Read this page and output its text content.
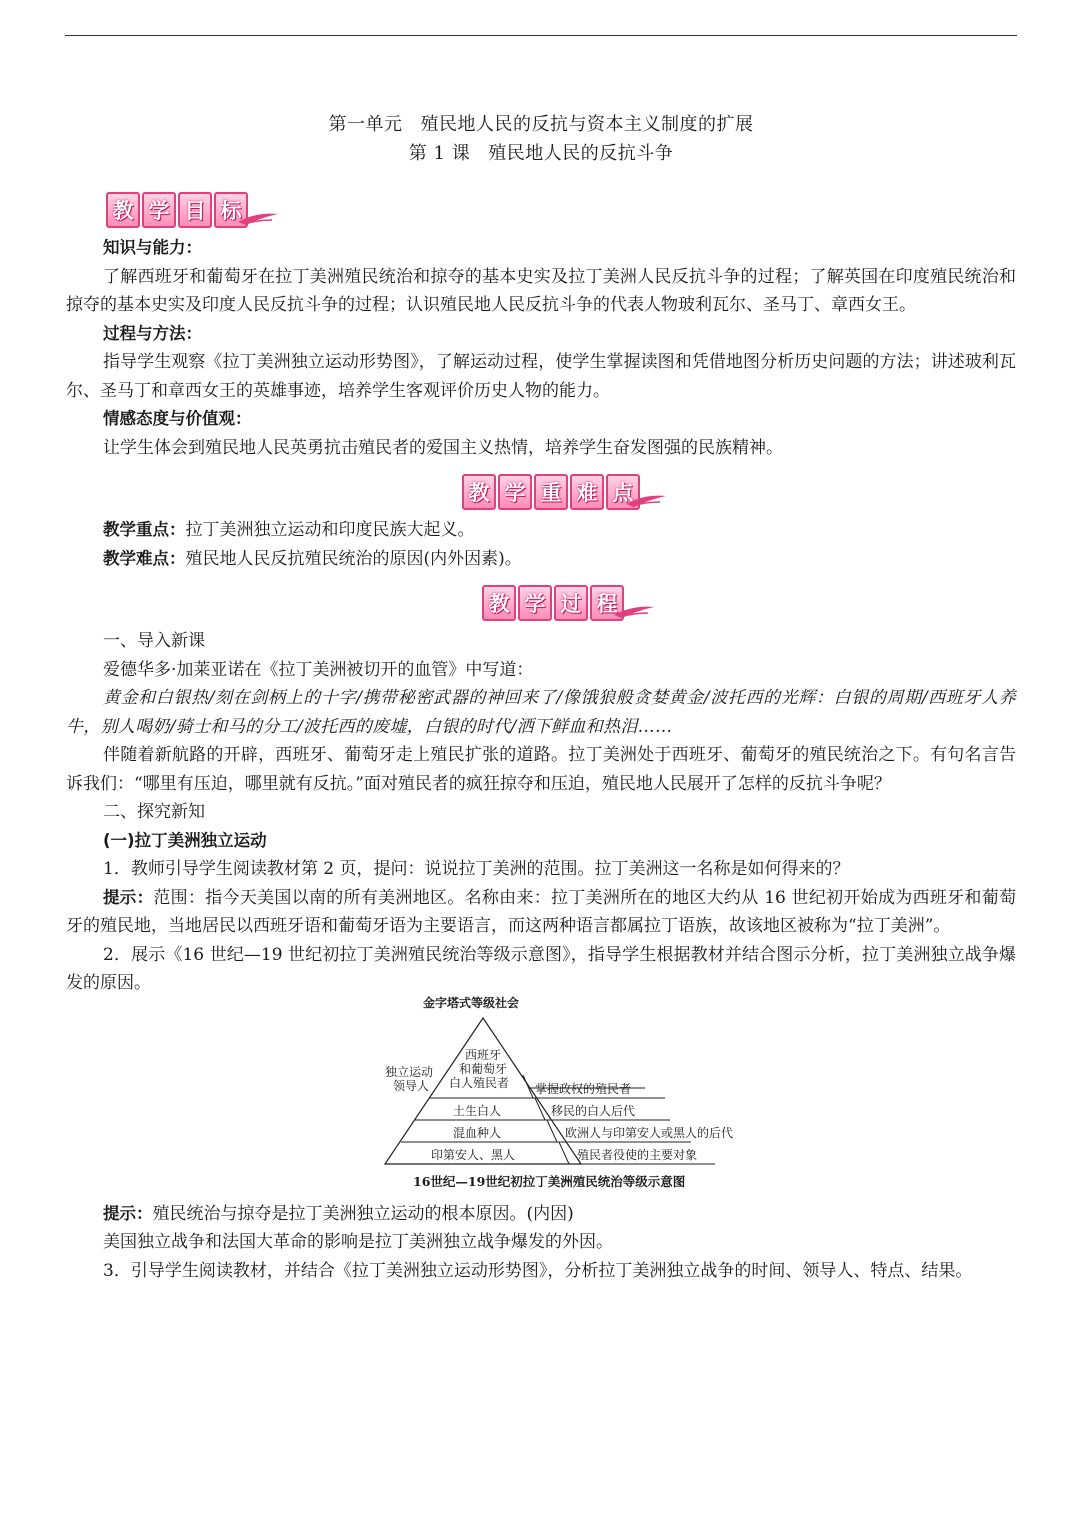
第一单元 殖民地人民的反抗与资本主义制度的扩展
第 1 课 殖民地人民的反抗斗争
教 学 目 标

知识与能力：

了解西班牙和葡萄牙在拉丁美洲殖民统治和掠夺的基本史实及拉丁美洲人民反抗斗争的过程；了解英国在印度殖民统治和掠夺的基本史实及印度人民反抗斗争的过程；认识殖民地人民反抗斗争的代表人物玻利瓦尔、圣马丁、章西女王。

过程与方法：

指导学生观察《拉丁美洲独立运动形势图》，了解运动过程，使学生掌握读图和凭借地图分析历史问题的方法；讲述玻利瓦尔、圣马丁和章西女王的英雄事迹，培养学生客观评价历史人物的能力。

情感态度与价值观：

让学生体会到殖民地人民英勇抗击殖民者的爱国主义热情，培养学生奋发图强的民族精神。

教 学 重 难 点

教学重点：拉丁美洲独立运动和印度民族大起义。

教学难点：殖民地人民反抗殖民统治的原因(内外因素)。

教 学 过 程

一、导入新课

爱德华多·加莱亚诺在《拉丁美洲被切开的血管》中写道：

黄金和白银热/刻在剑柄上的十字/携带秘密武器的神回来了/像饿狼般贪婪黄金/波托西的光辉：白银的周期/西班牙人养牛，别人喝奶/骑士和马的分工/波托西的废墟，白银的时代/洒下鲜血和热泪……

伴随着新航路的开辟，西班牙、葡萄牙走上殖民扩张的道路。拉丁美洲处于西班牙、葡萄牙的殖民统治之下。有句名言告诉我们：“哪里有压迫，哪里就有反抗。”面对殖民者的疯狂掠夺和压迫，殖民地人民展开了怎样的反抗斗争呢？

二、探究新知

(一)拉丁美洲独立运动

1．教师引导学生阅读教材第 2 页，提问：说说拉丁美洲的范围。拉丁美洲这一名称是如何得来的？

提示：范围：指今天美国以南的所有美洲地区。名称由来：拉丁美洲所在的地区大约从 16 世纪初开始成为西班牙和葡萄牙的殖民地，当地居民以西班牙语和葡萄牙语为主要语言，而这两种语言都属拉丁语族，故该地区被称为“拉丁美洲”。

2．展示《16 世纪—19 世纪初拉丁美洲殖民统治等级示意图》，指导学生根据教材并结合图示分析，拉丁美洲独立战争爆发的原因。

金字塔式等级社会
西班牙
和葡萄牙
白人殖民者
独立运动
领导人
土生白人
混血种人
印第安人、黑人
掌握政权的殖民者
移民的白人后代
欧洲人与印第安人或黑人的后代
殖民者役使的主要对象
16世纪—19世纪初拉丁美洲殖民统治等级示意图

提示：殖民统治与掠夺是拉丁美洲独立运动的根本原因。(内因)

美国独立战争和法国大革命的影响是拉丁美洲独立战争爆发的外因。

3．引导学生阅读教材，并结合《拉丁美洲独立运动形势图》，分析拉丁美洲独立战争的时间、领导人、特点、结果。
